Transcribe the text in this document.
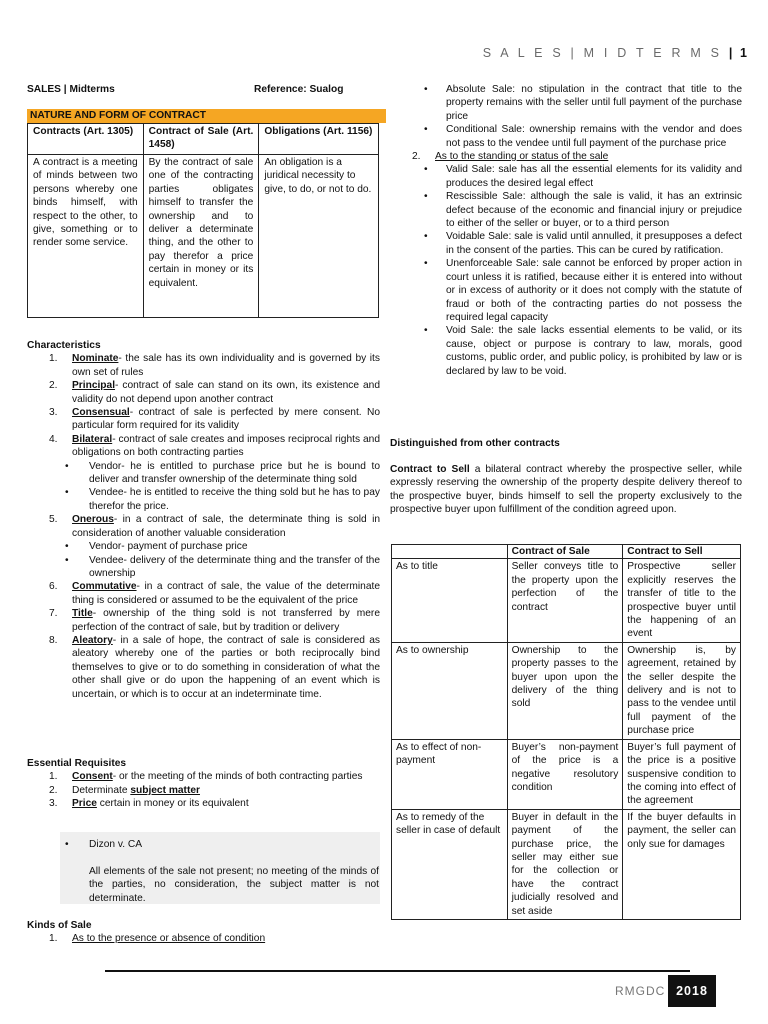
S A L E S | M I D T E R M S | 1
SALES | Midterms	Reference: Sualog
NATURE AND FORM OF CONTRACT
Contracts (Art. 1305)	Contract of Sale (Art. 1458)	Obligations (Art. 1156)
A contract is a meeting of minds between two persons whereby one binds himself, with respect to the other, to give, something or to render some service.	By the contract of sale one of the contracting parties obligates himself to transfer the ownership and to deliver a determinate thing, and the other to pay therefor a price certain in money or its equivalent.	An obligation is a juridical necessity to give, to do, or not to do.
Characteristics
1. Nominate- the sale has its own individuality and is governed by its own set of rules
2. Principal- contract of sale can stand on its own, its existence and validity do not depend upon another contract
3. Consensual- contract of sale is perfected by mere consent. No particular form required for its validity
4. Bilateral- contract of sale creates and imposes reciprocal rights and obligations on both contracting parties
• Vendor- he is entitled to purchase price but he is bound to deliver and transfer ownership of the determinate thing sold
• Vendee- he is entitled to receive the thing sold but he has to pay therefor the price.
5. Onerous- in a contract of sale, the determinate thing is sold in consideration of another valuable consideration
• Vendor- payment of purchase price
• Vendee- delivery of the determinate thing and the transfer of the ownership
6. Commutative- in a contract of sale, the value of the determinate thing is considered or assumed to be the equivalent of the price
7. Title- ownership of the thing sold is not transferred by mere perfection of the contract of sale, but by tradition or delivery
8. Aleatory- in a sale of hope, the contract of sale is considered as aleatory whereby one of the parties or both reciprocally bind themselves to give or to do something in consideration of what the other shall give or do upon the happening of an event which is uncertain, or which is to occur at an indeterminate time.
Essential Requisites
1. Consent- or the meeting of the minds of both contracting parties
2. Determinate subject matter
3. Price certain in money or its equivalent
• Dizon v. CA
All elements of the sale not present; no meeting of the minds of the parties, no consideration, the subject matter is not determinate.
Kinds of Sale
1. As to the presence or absence of condition
• Absolute Sale: no stipulation in the contract that title to the property remains with the seller until full payment of the purchase price
• Conditional Sale: ownership remains with the vendor and does not pass to the vendee until full payment of the purchase price
2. As to the standing or status of the sale
• Valid Sale: sale has all the essential elements for its validity and produces the desired legal effect
• Rescissible Sale: although the sale is valid, it has an extrinsic defect because of the economic and financial injury or prejudice to either of the seller or buyer, or to a third person
• Voidable Sale: sale is valid until annulled, it presupposes a defect in the consent of the parties. This can be cured by ratification.
• Unenforceable Sale: sale cannot be enforced by proper action in court unless it is ratified, because either it is entered into without or in excess of authority or it does not comply with the statute of fraud or both of the contracting parties do not possess the required legal capacity
• Void Sale: the sale lacks essential elements to be valid, or its cause, object or purpose is contrary to law, morals, good customs, public order, and public policy, is prohibited by law or is declared by law to be void.
Distinguished from other contracts
Contract to Sell a bilateral contract whereby the prospective seller, while expressly reserving the ownership of the property despite delivery thereof to the prospective buyer, binds himself to sell the property exclusively to the prospective buyer upon fulfillment of the condition agreed upon.
	Contract of Sale	Contract to Sell
As to title	Seller conveys title to the property upon the perfection of the contract	Prospective seller explicitly reserves the transfer of title to the prospective buyer until the happening of an event
As to ownership	Ownership to the property passes to the buyer upon upon the delivery of the thing sold	Ownership is, by agreement, retained by the seller despite the delivery and is not to pass to the vendee until full payment of the purchase price
As to effect of non-payment	Buyer’s non-payment of the price is a negative resolutory condition	Buyer’s full payment of the price is a positive suspensive condition to the coming into effect of the agreement
As to remedy of the seller in case of default	Buyer in default in the payment of the purchase price, the seller may either sue for the collection or have the contract judicially resolved and set aside	If the buyer defaults in payment, the seller can only sue for damages
RMGDC 2018
